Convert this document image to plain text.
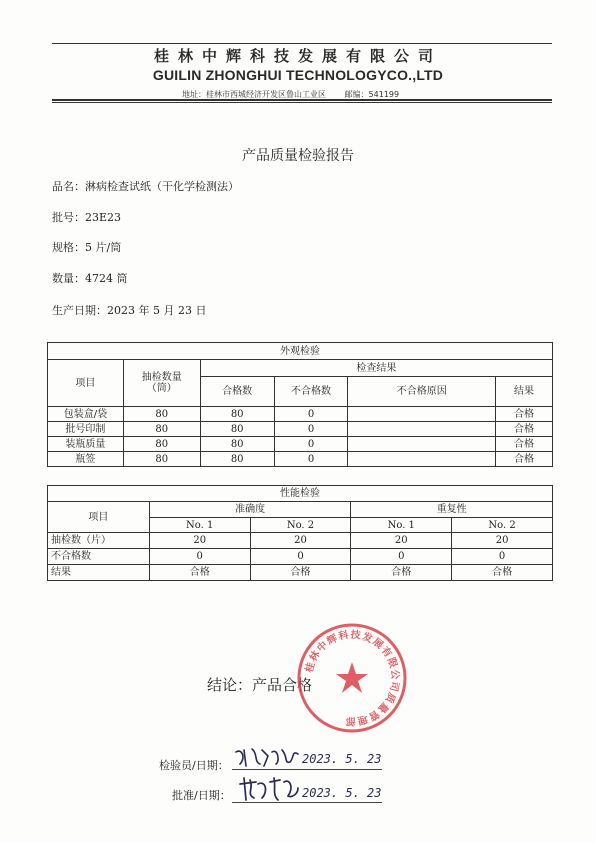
桂林中辉科技发展有限公司
GUILIN ZHONGHUI TECHNOLOGYCO.,LTD
地址：桂林市西城经济开发区鲁山工业区 邮编：541199
产品质量检验报告
品名：淋病检查试纸（干化学检测法）
批号：23E23
规格：5 片/筒
数量：4724 筒
生产日期：2023 年 5 月 23 日
外观检验					
项目	抽检数量（筒）	检查结果			
		合格数	不合格数	不合格原因	结果
包装盒/袋	80	80	0		合格
批号印制	80	80	0		合格
装瓶质量	80	80	0		合格
瓶签	80	80	0		合格
性能检验				
项目	准确度		重复性	
	No. 1	No. 2	No. 1	No. 2
抽检数（片）	20	20	20	20
不合格数	0	0	0	0
结果	合格	合格	合格	合格
结论：产品合格
桂林中辉科技发展有限公司质量管理部
检验员/日期：	2023. 5. 23
批准/日期：	2023. 5. 23
